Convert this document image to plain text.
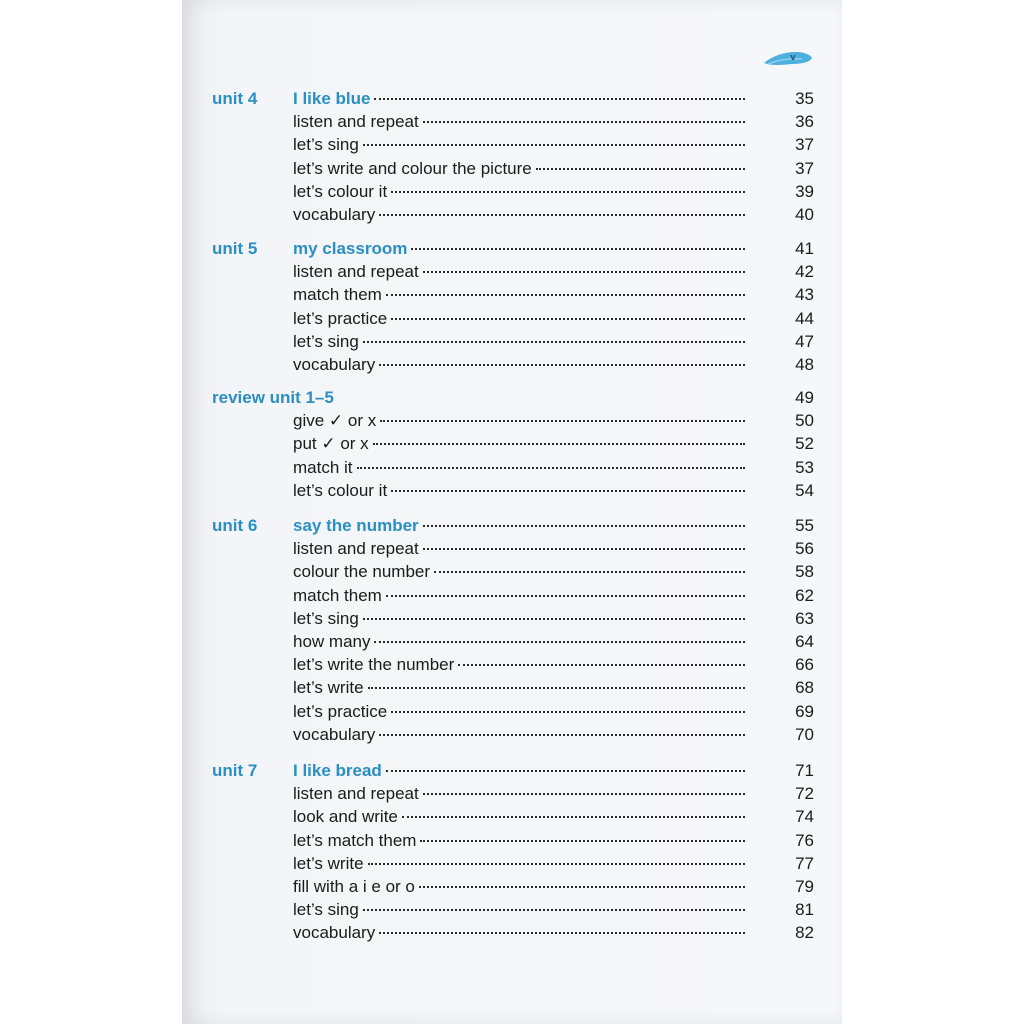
v
unit 4 I like blue	35
listen and repeat	36
let’s sing	37
let’s write and colour the picture	37
let’s colour it	39
vocabulary	40
unit 5 my classroom	41
listen and repeat	42
match them	43
let’s practice	44
let’s sing	47
vocabulary	48
review unit 1–5	49
give ✓ or x	50
put ✓ or x	52
match it	53
let’s colour it	54
unit 6 say the number	55
listen and repeat	56
colour the number	58
match them	62
let’s sing	63
how many	64
let’s write the number	66
let’s write	68
let’s practice	69
vocabulary	70
unit 7 I like bread	71
listen and repeat	72
look and write	74
let’s match them	76
let’s write	77
fill with a i e or o	79
let’s sing	81
vocabulary	82
